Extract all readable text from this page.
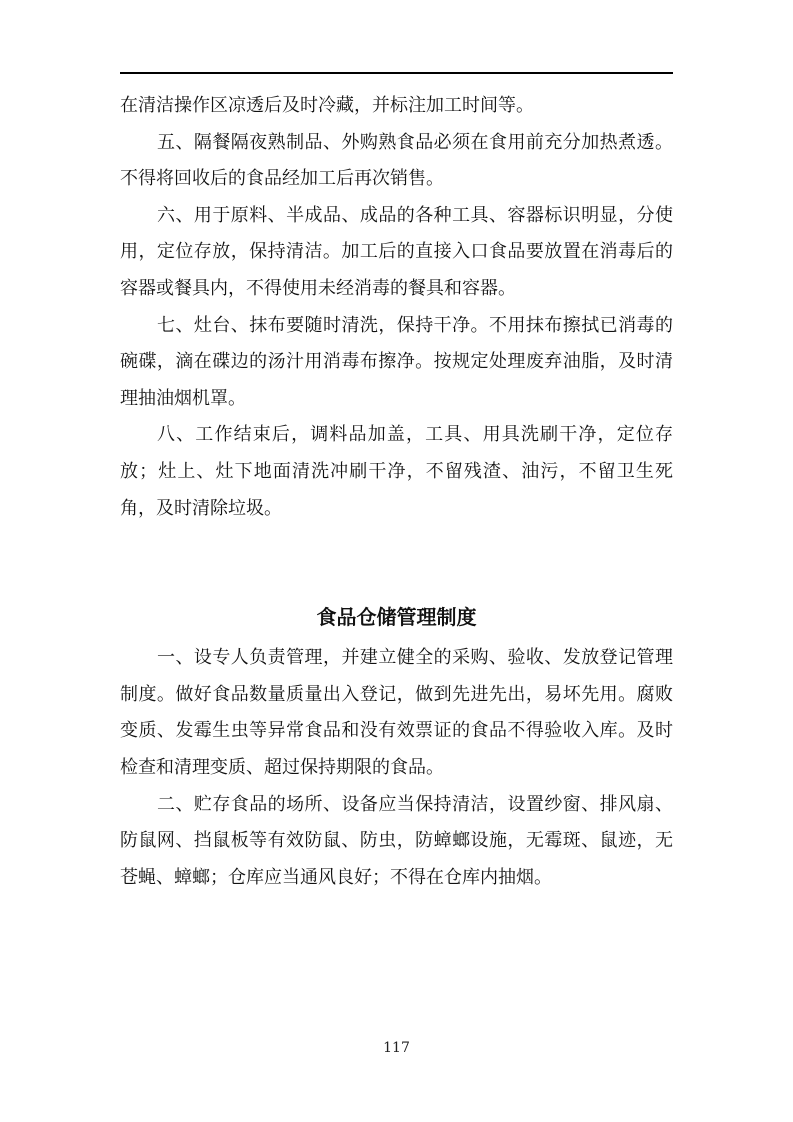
在清洁操作区凉透后及时冷藏，并标注加工时间等。

五、隔餐隔夜熟制品、外购熟食品必须在食用前充分加热煮透。不得将回收后的食品经加工后再次销售。

六、用于原料、半成品、成品的各种工具、容器标识明显，分使用，定位存放，保持清洁。加工后的直接入口食品要放置在消毒后的容器或餐具内，不得使用未经消毒的餐具和容器。

七、灶台、抹布要随时清洗，保持干净。不用抹布擦拭已消毒的碗碟，滴在碟边的汤汁用消毒布擦净。按规定处理废弃油脂，及时清理抽油烟机罩。

八、工作结束后，调料品加盖，工具、用具洗刷干净，定位存放；灶上、灶下地面清洗冲刷干净，不留残渣、油污，不留卫生死角，及时清除垃圾。

食品仓储管理制度

一、设专人负责管理，并建立健全的采购、验收、发放登记管理制度。做好食品数量质量出入登记，做到先进先出，易坏先用。腐败变质、发霉生虫等异常食品和没有效票证的食品不得验收入库。及时检查和清理变质、超过保持期限的食品。

二、贮存食品的场所、设备应当保持清洁，设置纱窗、排风扇、防鼠网、挡鼠板等有效防鼠、防虫，防蟑螂设施，无霉斑、鼠迹，无苍蝇、蟑螂；仓库应当通风良好；不得在仓库内抽烟。

117
